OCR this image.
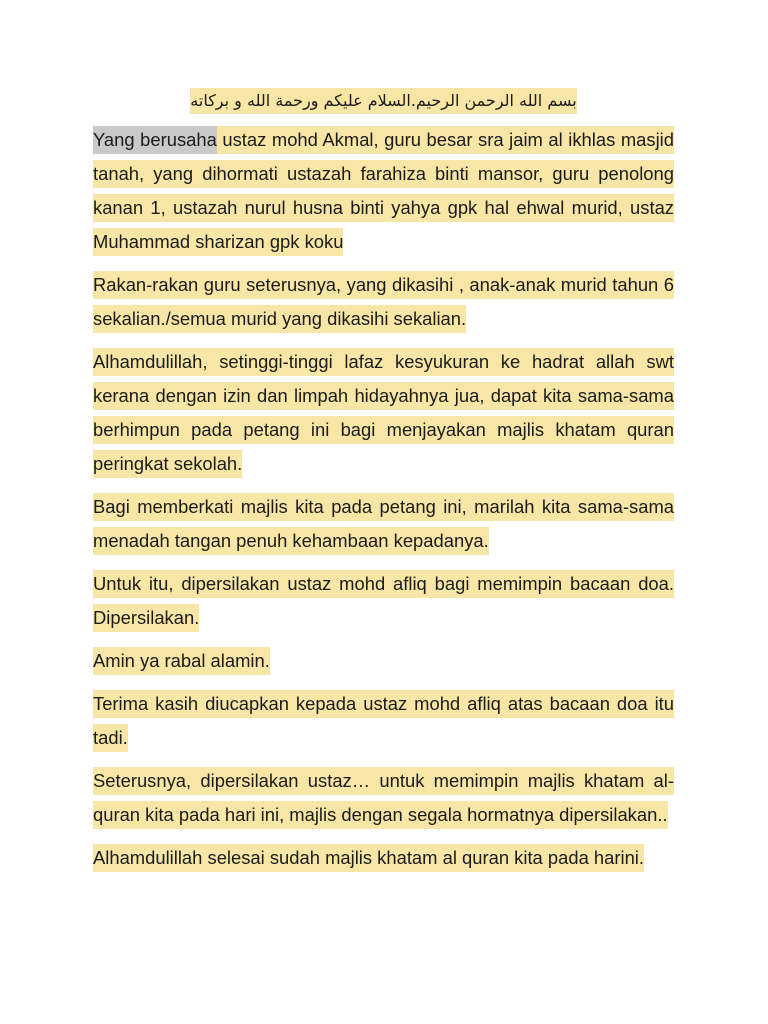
بسم الله الرحمن الرحيم.السلام عليكم ورحمة الله و بركاته

Yang berusaha ustaz mohd Akmal, guru besar sra jaim al ikhlas masjid tanah, yang dihormati ustazah farahiza binti mansor, guru penolong kanan 1, ustazah nurul husna binti yahya gpk hal ehwal murid, ustaz Muhammad sharizan gpk koku

Rakan-rakan guru seterusnya, yang dikasihi , anak-anak murid tahun 6 sekalian./semua murid yang dikasihi sekalian.

Alhamdulillah, setinggi-tinggi lafaz kesyukuran ke hadrat allah swt kerana dengan izin dan limpah hidayahnya jua, dapat kita sama-sama berhimpun pada petang ini bagi menjayakan majlis khatam quran peringkat sekolah.

Bagi memberkati majlis kita pada petang ini, marilah kita sama-sama menadah tangan penuh kehambaan kepadanya.

Untuk itu, dipersilakan ustaz mohd afliq bagi memimpin bacaan doa. Dipersilakan.

Amin ya rabal alamin.

Terima kasih diucapkan kepada ustaz mohd afliq atas bacaan doa itu tadi.

Seterusnya, dipersilakan ustaz… untuk memimpin majlis khatam al-quran kita pada hari ini, majlis dengan segala hormatnya dipersilakan..

Alhamdulillah selesai sudah majlis khatam al quran kita pada harini.
